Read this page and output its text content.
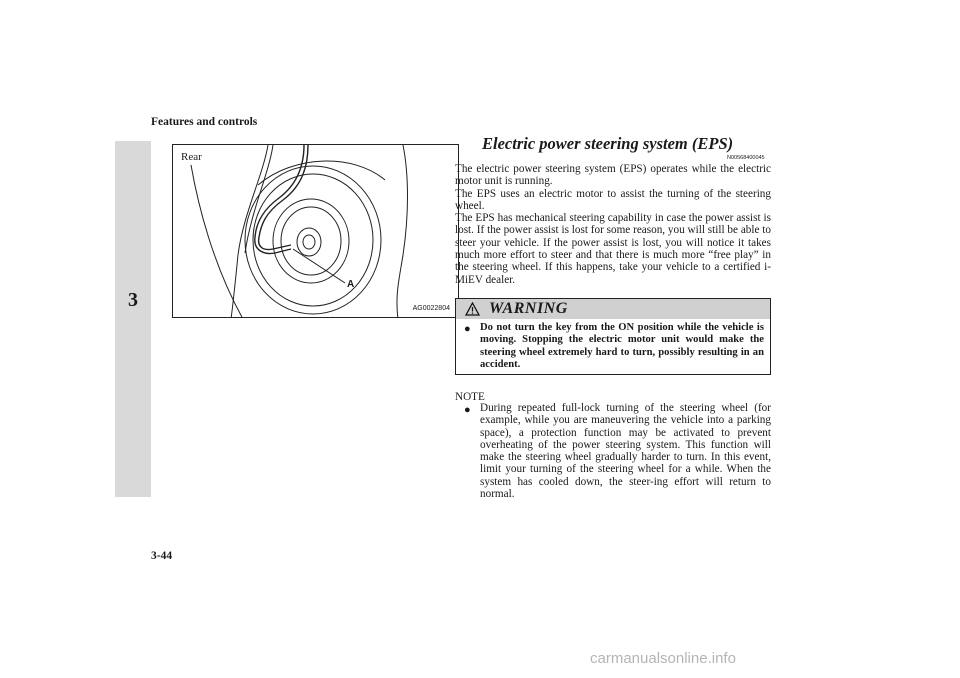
Features and controls
3
Rear
A
AG0022804
Electric power steering system (EPS)
N00568400045

The electric power steering system (EPS) operates while the electric motor unit is running.

The EPS uses an electric motor to assist the turning of the steering wheel.

The EPS has mechanical steering capability in case the power assist is lost. If the power assist is lost for some reason, you will still be able to steer your vehicle. If the power assist is lost, you will notice it takes much more effort to steer and that there is much more “free play” in the steering wheel. If this happens, take your vehicle to a certified i-MiEV dealer.

WARNING
● Do not turn the key from the ON position while the vehicle is moving. Stopping the electric motor unit would make the steering wheel extremely hard to turn, possibly resulting in an accident.
NOTE
● During repeated full-lock turning of the steering wheel (for example, while you are maneuvering the vehicle into a parking space), a protection function may be activated to prevent overheating of the power steering system. This function will make the steering wheel gradually harder to turn. In this event, limit your turning of the steering wheel for a while. When the system has cooled down, the steer-ing effort will return to normal.
3-44
carmanualsonline.info
